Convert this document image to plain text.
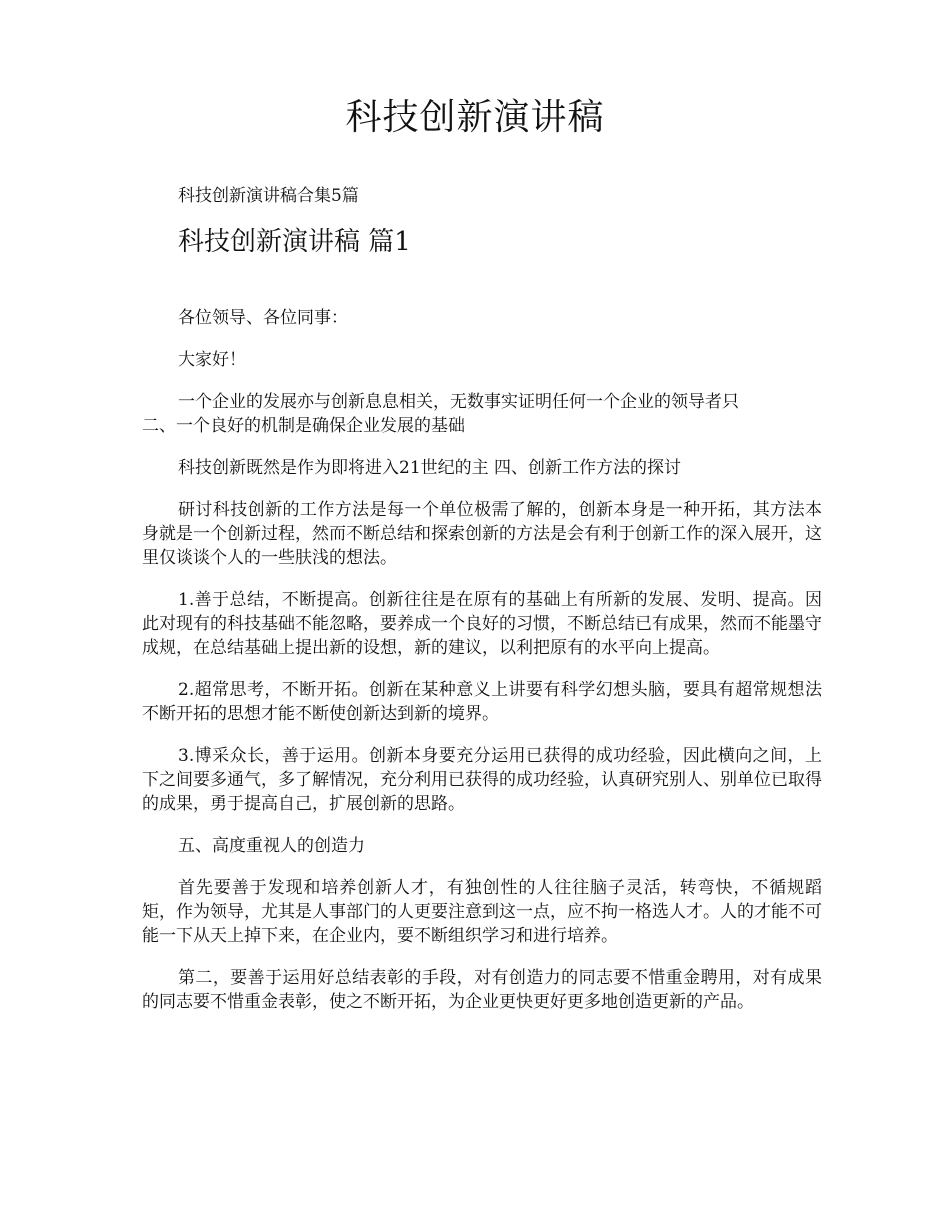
科技创新演讲稿
科技创新演讲稿合集5篇
科技创新演讲稿 篇1

各位领导、各位同事：

大家好！

一个企业的发展亦与创新息息相关，无数事实证明任何一个企业的领导者只
二、一个良好的机制是确保企业发展的基础

科技创新既然是作为即将进入21世纪的主 四、创新工作方法的探讨

研讨科技创新的工作方法是每一个单位极需了解的，创新本身是一种开拓，其方法本身就是一个创新过程，然而不断总结和探索创新的方法是会有利于创新工作的深入展开，这里仅谈谈个人的一些肤浅的想法。

1.善于总结，不断提高。创新往往是在原有的基础上有所新的发展、发明、提高。因此对现有的科技基础不能忽略，要养成一个良好的习惯，不断总结已有成果，然而不能墨守成规，在总结基础上提出新的设想，新的建议，以利把原有的水平向上提高。

2.超常思考，不断开拓。创新在某种意义上讲要有科学幻想头脑，要具有超常规想法不断开拓的思想才能不断使创新达到新的境界。

3.博采众长，善于运用。创新本身要充分运用已获得的成功经验，因此横向之间，上下之间要多通气，多了解情况，充分利用已获得的成功经验，认真研究别人、别单位已取得的成果，勇于提高自己，扩展创新的思路。

五、高度重视人的创造力

首先要善于发现和培养创新人才，有独创性的人往往脑子灵活，转弯快，不循规蹈矩，作为领导，尤其是人事部门的人更要注意到这一点，应不拘一格选人才。人的才能不可能一下从天上掉下来，在企业内，要不断组织学习和进行培养。

第二，要善于运用好总结表彰的手段，对有创造力的同志要不惜重金聘用，对有成果的同志要不惜重金表彰，使之不断开拓，为企业更快更好更多地创造更新的产品。
